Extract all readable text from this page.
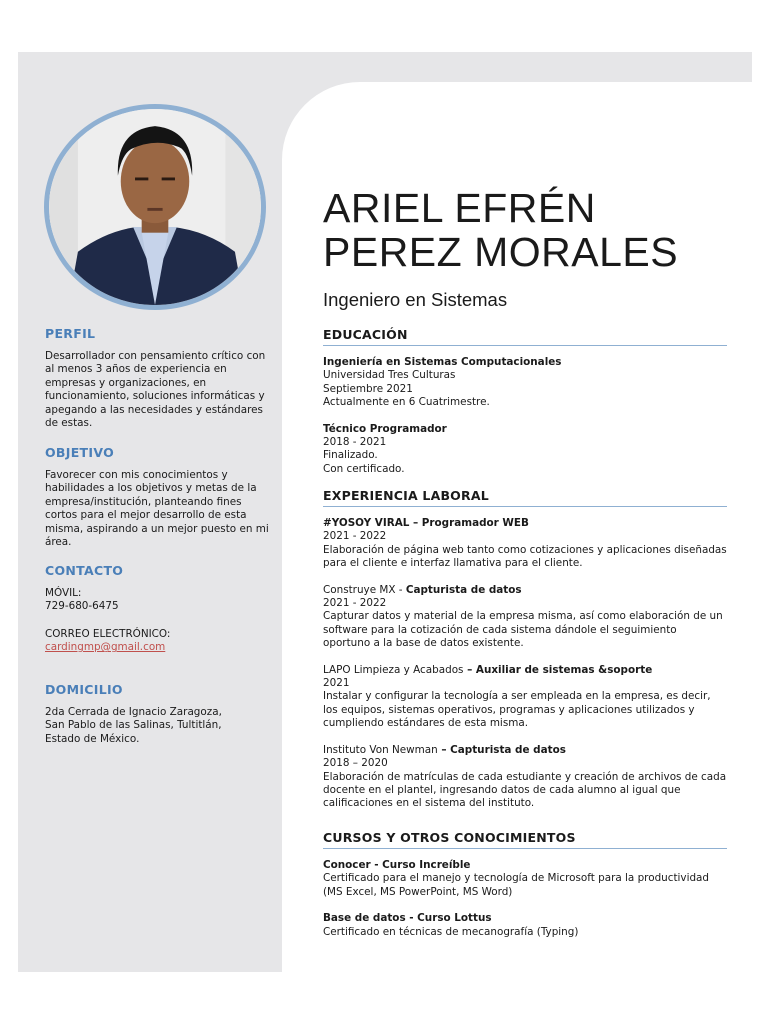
PERFIL
Desarrollador con pensamiento crítico con al menos 3 años de experiencia en empresas y organizaciones, en funcionamiento, soluciones informáticas y apegando a las necesidades y estándares de estas.
OBJETIVO
Favorecer con mis conocimientos y habilidades a los objetivos y metas de la empresa/institución, planteando fines cortos para el mejor desarrollo de esta misma, aspirando a un mejor puesto en mi área.
CONTACTO
MÓVIL:
729-680-6475
CORREO ELECTRÓNICO:
cardingmp@gmail.com
DOMICILIO
2da Cerrada de Ignacio Zaragoza,
San Pablo de las Salinas, Tultitlán,
Estado de México.
ARIEL EFRÉN
PEREZ MORALES
Ingeniero en Sistemas
EDUCACIÓN
Ingeniería en Sistemas Computacionales
Universidad Tres Culturas
Septiembre 2021
Actualmente en 6 Cuatrimestre.
Técnico Programador
2018 - 2021
Finalizado.
Con certificado.
EXPERIENCIA LABORAL
#YOSOY VIRAL – Programador WEB
2021 - 2022
Elaboración de página web tanto como cotizaciones y aplicaciones diseñadas para el cliente e interfaz llamativa para el cliente.
Construye MX - Capturista de datos
2021 - 2022
Capturar datos y material de la empresa misma, así como elaboración de un software para la cotización de cada sistema dándole el seguimiento oportuno a la base de datos existente.
LAPO Limpieza y Acabados – Auxiliar de sistemas &soporte
2021
Instalar y configurar la tecnología a ser empleada en la empresa, es decir, los equipos, sistemas operativos, programas y aplicaciones utilizados y cumpliendo estándares de esta misma.
Instituto Von Newman – Capturista de datos
2018 – 2020
Elaboración de matrículas de cada estudiante y creación de archivos de cada docente en el plantel, ingresando datos de cada alumno al igual que calificaciones en el sistema del instituto.
CURSOS Y OTROS CONOCIMIENTOS
Conocer - Curso Increíble
Certificado para el manejo y tecnología de Microsoft para la productividad (MS Excel, MS PowerPoint, MS Word)
Base de datos - Curso Lottus
Certificado en técnicas de mecanografía (Typing)
